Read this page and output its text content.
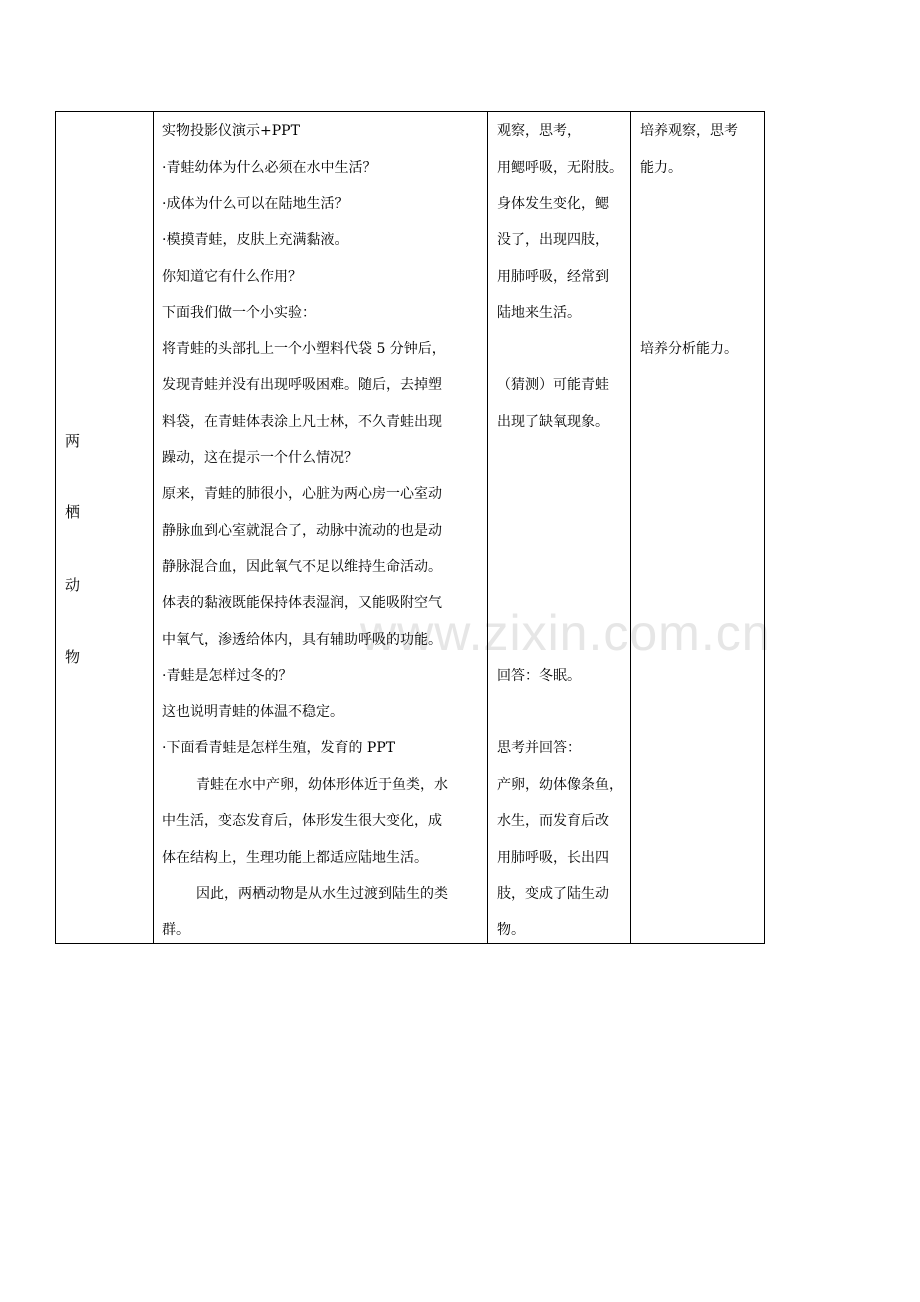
www.zixin.com.cn
两
栖
动
物

实物投影仪演示+PPT
·青蛙幼体为什么必须在水中生活？
·成体为什么可以在陆地生活？
·模摸青蛙，皮肤上充满黏液。
你知道它有什么作用？
下面我们做一个小实验：
将青蛙的头部扎上一个小塑料代袋 5 分钟后，
发现青蛙并没有出现呼吸困难。随后，去掉塑
料袋，在青蛙体表涂上凡士林，不久青蛙出现
躁动，这在提示一个什么情况？
原来，青蛙的肺很小，心脏为两心房一心室动
静脉血到心室就混合了，动脉中流动的也是动
静脉混合血，因此氧气不足以维持生命活动。
体表的黏液既能保持体表湿润，又能吸附空气
中氧气，渗透给体内，具有辅助呼吸的功能。
·青蛙是怎样过冬的？
这也说明青蛙的体温不稳定。
·下面看青蛙是怎样生殖，发育的 PPT
青蛙在水中产卵，幼体形体近于鱼类，水
中生活，变态发育后，体形发生很大变化，成
体在结构上，生理功能上都适应陆地生活。
因此，两栖动物是从水生过渡到陆生的类
群。

观察，思考，
用鳃呼吸，无附肢。
身体发生变化，鳃
没了，出现四肢，
用肺呼吸，经常到
陆地来生活。
（猜测）可能青蛙
出现了缺氧现象。
回答：冬眠。
思考并回答：
产卵，幼体像条鱼，
水生，而发育后改
用肺呼吸，长出四
肢，变成了陆生动
物。

培养观察，思考
能力。
培养分析能力。
